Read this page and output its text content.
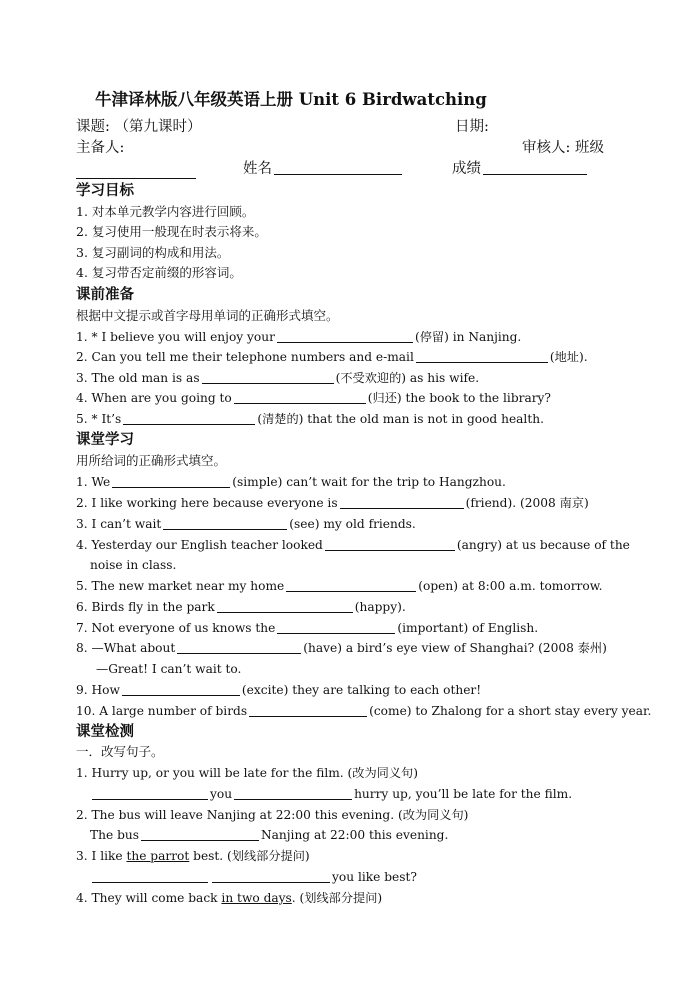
牛津译林版八年级英语上册 Unit 6 Birdwatching
课题: （第九课时）	日期:
主备人:	审核人: 班级
姓名	成绩
学习目标
1. 对本单元教学内容进行回顾。
2. 复习使用一般现在时表示将来。
3. 复习副词的构成和用法。
4. 复习带否定前缀的形容词。
课前准备
根据中文提示或首字母用单词的正确形式填空。
1. * I believe you will enjoy your	(停留) in Nanjing.
2. Can you tell me their telephone numbers and e-mail	(地址).
3. The old man is as	(不受欢迎的) as his wife.
4. When are you going to	(归还) the book to the library?
5. * It’s	(清楚的) that the old man is not in good health.
课堂学习
用所给词的正确形式填空。
1. We	(simple) can’t wait for the trip to Hangzhou.
2. I like working here because everyone is	(friend). (2008 南京)
3. I can’t wait	(see) my old friends.
4. Yesterday our English teacher looked	(angry) at us because of the
noise in class.
5. The new market near my home	(open) at 8:00 a.m. tomorrow.
6. Birds fly in the park	(happy).
7. Not everyone of us knows the	(important) of English.
8. —What about	(have) a bird’s eye view of Shanghai? (2008 泰州)
—Great! I can’t wait to.
9. How	(excite) they are talking to each other!
10. A large number of birds	(come) to Zhalong for a short stay every year.
课堂检测
一．改写句子。
1. Hurry up, or you will be late for the film. (改为同义句)
you	hurry up, you’ll be late for the film.
2. The bus will leave Nanjing at 22:00 this evening. (改为同义句)
The bus	Nanjing at 22:00 this evening.
3. I like the parrot best. (划线部分提问)
you like best?
4. They will come back in two days. (划线部分提问)
